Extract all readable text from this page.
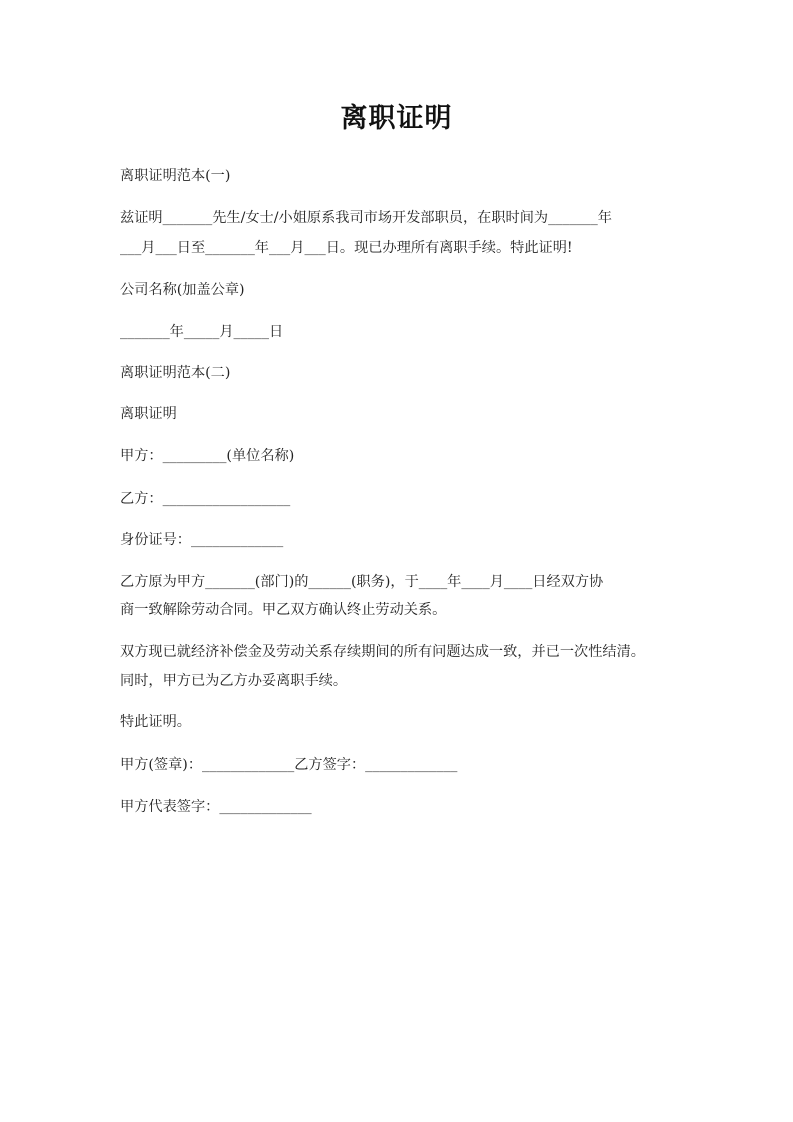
离职证明
离职证明范本(一)
兹证明_______先生/女士/小姐原系我司市场开发部职员，在职时间为_______年
___月___日至_______年___月___日。现已办理所有离职手续。特此证明!
公司名称(加盖公章)
_______年_____月_____日
离职证明范本(二)
离职证明
甲方：_________(单位名称)
乙方：__________________
身份证号：_____________
乙方原为甲方_______(部门)的______(职务)，于____年____月____日经双方协
商一致解除劳动合同。甲乙双方确认终止劳动关系。
双方现已就经济补偿金及劳动关系存续期间的所有问题达成一致，并已一次性结清。
同时，甲方已为乙方办妥离职手续。
特此证明。
甲方(签章)：_____________乙方签字：_____________
甲方代表签字：_____________
